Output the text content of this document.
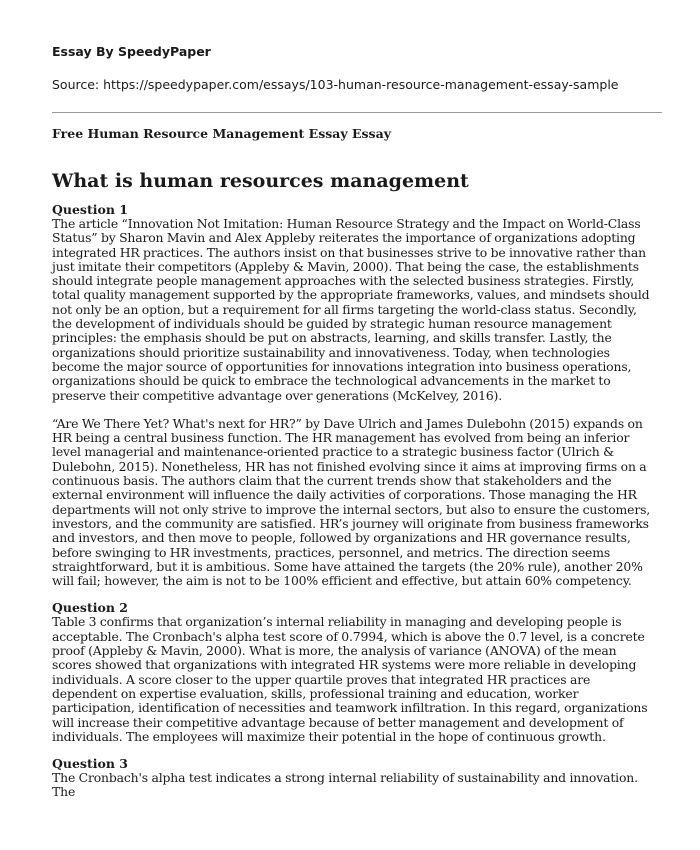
Essay By SpeedyPaper

Source: https://speedypaper.com/essays/103-human-resource-management-essay-sample

Free Human Resource Management Essay Essay

What is human resources management
Question 1

The article “Innovation Not Imitation: Human Resource Strategy and the Impact on World-Class Status” by Sharon Mavin and Alex Appleby reiterates the importance of organizations adopting integrated HR practices. The authors insist on that businesses strive to be innovative rather than just imitate their competitors (Appleby & Mavin, 2000). That being the case, the establishments should integrate people management approaches with the selected business strategies. Firstly, total quality management supported by the appropriate frameworks, values, and mindsets should not only be an option, but a requirement for all firms targeting the world-class status. Secondly, the development of individuals should be guided by strategic human resource management principles: the emphasis should be put on abstracts, learning, and skills transfer. Lastly, the organizations should prioritize sustainability and innovativeness. Today, when technologies become the major source of opportunities for innovations integration into business operations, organizations should be quick to embrace the technological advancements in the market to preserve their competitive advantage over generations (McKelvey, 2016).

“Are We There Yet? What's next for HR?” by Dave Ulrich and James Dulebohn (2015) expands on HR being a central business function. The HR management has evolved from being an inferior level managerial and maintenance-oriented practice to a strategic business factor (Ulrich & Dulebohn, 2015). Nonetheless, HR has not finished evolving since it aims at improving firms on a continuous basis. The authors claim that the current trends show that stakeholders and the external environment will influence the daily activities of corporations. Those managing the HR departments will not only strive to improve the internal sectors, but also to ensure the customers, investors, and the community are satisfied. HR’s journey will originate from business frameworks and investors, and then move to people, followed by organizations and HR governance results, before swinging to HR investments, practices, personnel, and metrics. The direction seems straightforward, but it is ambitious. Some have attained the targets (the 20% rule), another 20% will fail; however, the aim is not to be 100% efficient and effective, but attain 60% competency.

Question 2

Table 3 confirms that organization’s internal reliability in managing and developing people is acceptable. The Cronbach's alpha test score of 0.7994, which is above the 0.7 level, is a concrete proof (Appleby & Mavin, 2000). What is more, the analysis of variance (ANOVA) of the mean scores showed that organizations with integrated HR systems were more reliable in developing individuals. A score closer to the upper quartile proves that integrated HR practices are dependent on expertise evaluation, skills, professional training and education, worker participation, identification of necessities and teamwork infiltration. In this regard, organizations will increase their competitive advantage because of better management and development of individuals. The employees will maximize their potential in the hope of continuous growth.

Question 3

The Cronbach's alpha test indicates a strong internal reliability of sustainability and innovation. The
